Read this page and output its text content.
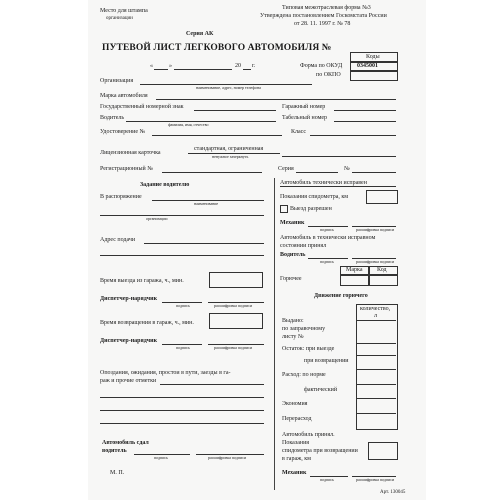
Место для штампа
организации
Серия АК
Типовая межотраслевая форма №3
Утверждена постановлением Госкомстата России
от 28. 11. 1997 г. № 78
ПУТЕВОЙ ЛИСТ ЛЕГКОВОГО АВТОМОБИЛЯ №
Коды
0345001
Форма по ОКУД
по ОКПО
«	»	20 г.
Организация
наименование, адрес, номер телефона
Марка автомобиля
Государственный номерной знак	Гаражный номер
Водитель
фамилия, имя, отчество
Табельный номер
Удостоверение №	Класс
Лицензионная карточка
стандартная, ограниченная
ненужное зачеркнуть
Регистрационный №	Серия	№
Задание водителю
В распоряжение
наименование
организации
Адрес подачи
Время выезда из гаража, ч., мин.
Диспетчер-нарядчик
подпись	расшифровка подписи
Время возвращения в гараж, ч., мин.
Диспетчер-нарядчик
подпись	расшифровка подписи
Опоздания, ожидания, простои в пути, заезды в га-
раж и прочие отметки
Автомобиль сдал
водитель
подпись	расшифровка подписи
М. П.
Автомобиль технически исправен
Показания спидометра, км
Выезд разрешен
Механик
подпись	расшифровка подписи
Автомобиль в технически исправном
состоянии принял
Водитель
подпись	расшифровка подписи
Марка Код
Горючее
Движение горючего
количество,
л
Выдано:
по заправочному
листу №
Остаток: при выезде
при возвращении
Расход: по норме
фактический
Экономия
Перерасход
Автомобиль принял.
Показания
спидометра при возвращении
в гараж, км
Механик
подпись	расшифровка подписи
Арт. 130045
